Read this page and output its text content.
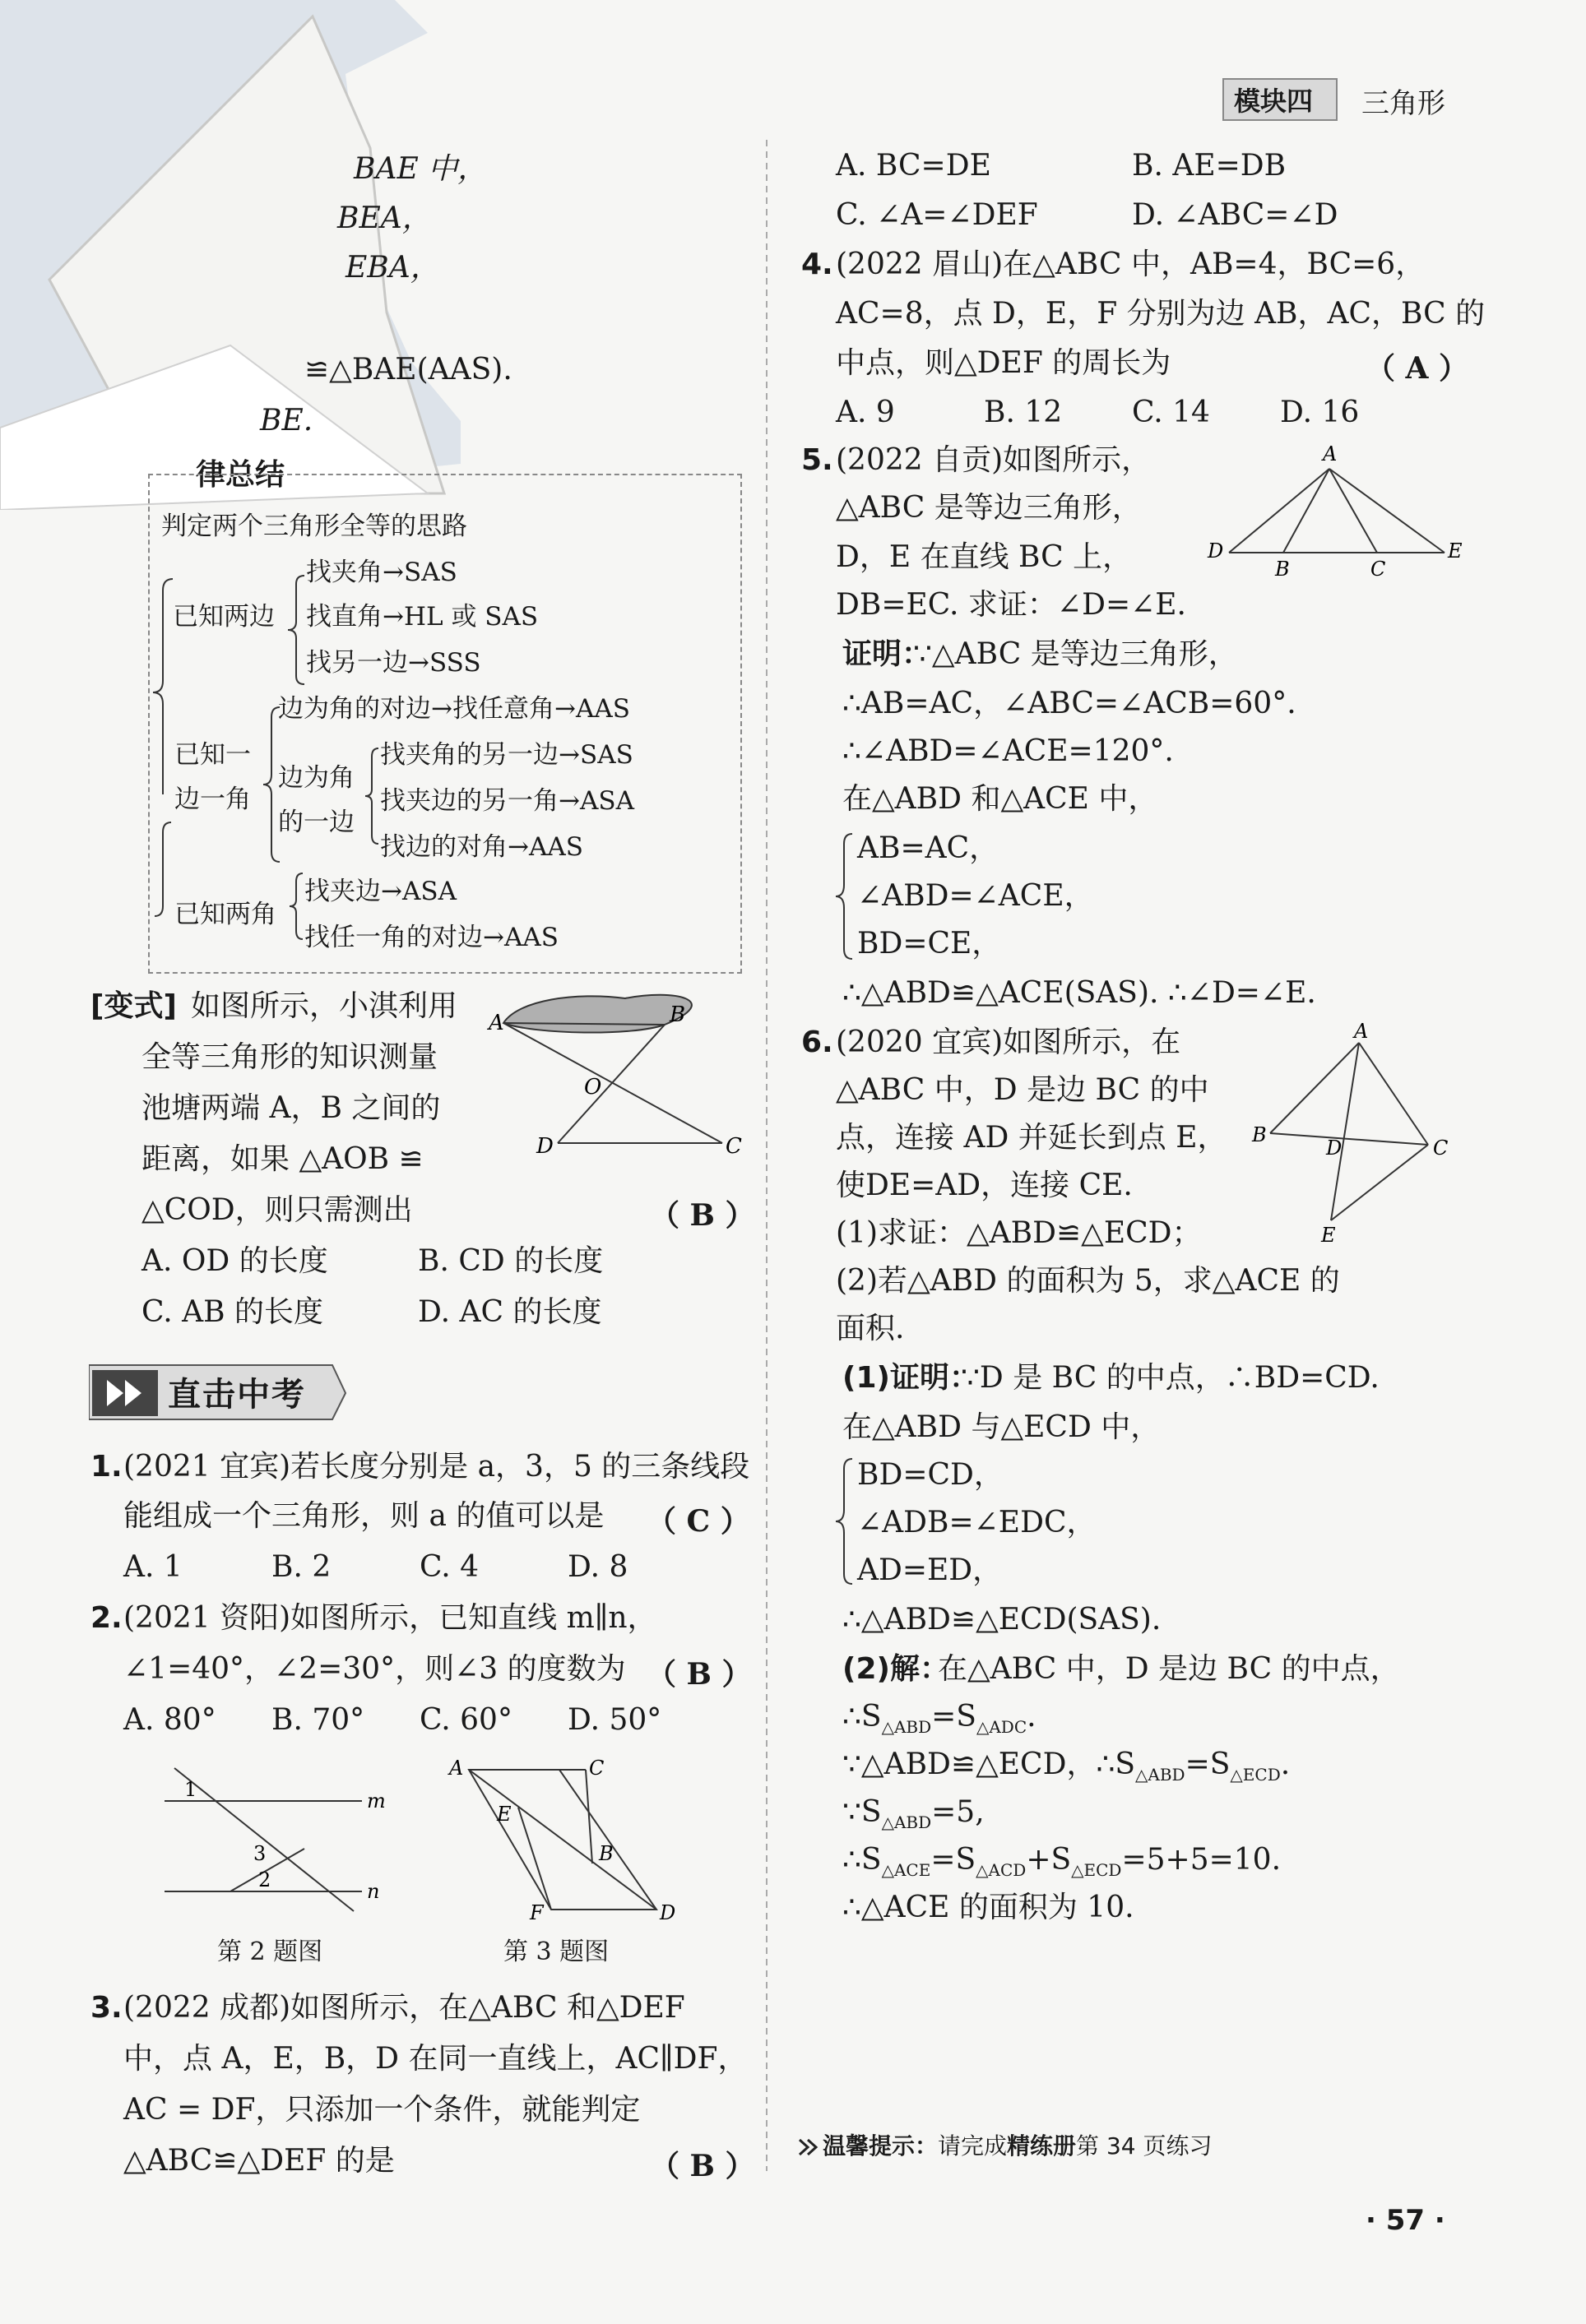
模块四 三角形
BAE 中，
BEA，
EBA，
≌△BAE(AAS).
BE.
律总结
判定两个三角形全等的思路
已知两边
找夹角→SAS
找直角→HL 或 SAS
找另一边→SSS
已知一
边一角
边为角的对边→找任意角→AAS
边为角
的一边
找夹角的另一边→SAS
找夹边的另一角→ASA
找边的对角→AAS
已知两角
找夹边→ASA
找任一角的对边→AAS
[变式] 如图所示，小淇利用
全等三角形的知识测量
池塘两端 A，B 之间的
距离，如果 △AOB ≌
△COD，则只需测出	（ B ）
A. OD 的长度	B. CD 的长度
C. AB 的长度	D. AC 的长度
A	B
O
D	C
直击中考
1. (2021 宜宾)若长度分别是 a，3，5 的三条线段
能组成一个三角形，则 a 的值可以是 （ C ）
A. 1	B. 2	C. 4	D. 8
2. (2021 资阳)如图所示，已知直线 m∥n，
∠1=40°，∠2=30°，则∠3 的度数为 （ B ）
A. 80° B. 70° C. 60° D. 50°
1	m
3
2	n
第 2 题图
A	C
E
B
F	D
第 3 题图
3. (2022 成都)如图所示，在△ABC 和△DEF
中，点 A，E，B，D 在同一直线上，AC∥DF，
AC = DF，只添加一个条件，就能判定
△ABC≌△DEF 的是	（ B ）
A. BC=DE	B. AE=DB
C. ∠A=∠DEF	D. ∠ABC=∠D
4. (2022 眉山)在△ABC 中，AB=4，BC=6，
AC=8，点 D，E，F 分别为边 AB，AC，BC 的
中点，则△DEF 的周长为	（ A ）
A. 9	B. 12 C. 14 D. 16
5. (2022 自贡)如图所示，
△ABC 是等边三角形，
D，E 在直线 BC 上，
DB=EC. 求证：∠D=∠E.
A
D
B	C
E
证明：
∵△ABC 是等边三角形，
∴AB=AC，∠ABC=∠ACB=60°.
∴∠ABD=∠ACE=120°.
在△ABD 和△ACE 中，
AB=AC，
∠ABD=∠ACE，
BD=CE，
∴△ABD≌△ACE(SAS). ∴∠D=∠E.
6. (2020 宜宾)如图所示，在
△ABC 中，D 是边 BC 的中
点，连接 AD 并延长到点 E，
使DE=AD，连接 CE.
(1)求证：△ABD≌△ECD；
(2)若△ABD 的面积为 5，求△ACE 的
面积.
A
B
D	C
E
(1)证明：
∵D 是 BC 的中点，∴BD=CD.
在△ABD 与△ECD 中，
BD=CD，
∠ADB=∠EDC，
AD=ED，
∴△ABD≌△ECD(SAS).
(2)解：
在△ABC 中，D 是边 BC 的中点，
$\therefore S_{\triangle ABD}=S_{\triangle ADC}$.
∵△ABD≌△ECD，$\therefore S_{\triangle ABD}=S_{\triangle ECD}$.
$\because S_{\triangle ABD}=5$,
$\therefore S_{\triangle ACE}=S_{\triangle ACD}+S_{\triangle ECD}=5+5=10$.
∴△ACE 的面积为 10.
温馨提示：请完成精练册第 34 页练习
· 57 ·
